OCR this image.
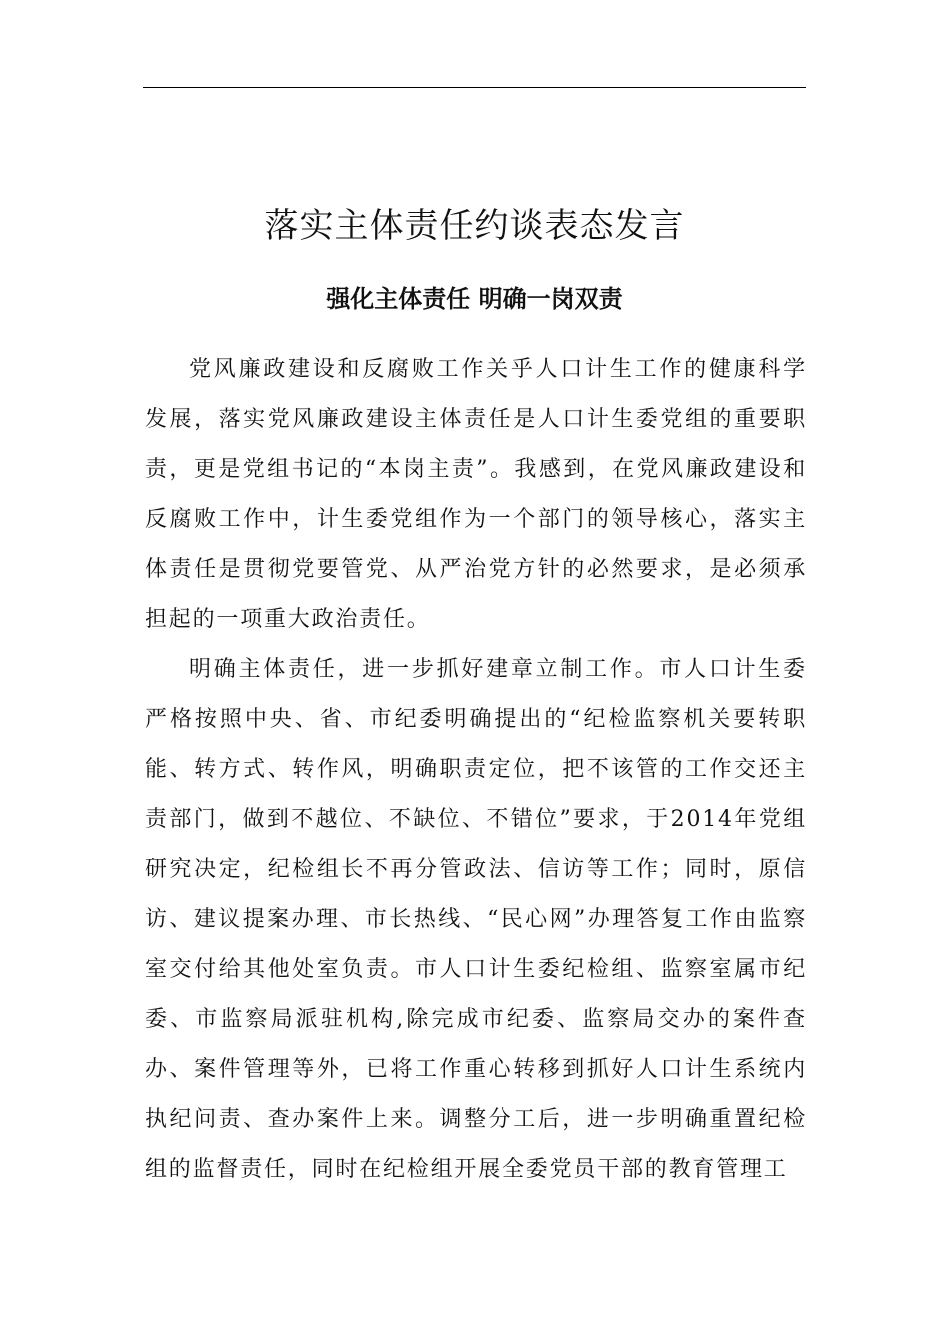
落实主体责任约谈表态发言
强化主体责任 明确一岗双责

党风廉政建设和反腐败工作关乎人口计生工作的健康科学发展，落实党风廉政建设主体责任是人口计生委党组的重要职责，更是党组书记的“本岗主责”。我感到，在党风廉政建设和反腐败工作中，计生委党组作为一个部门的领导核心，落实主体责任是贯彻党要管党、从严治党方针的必然要求，是必须承担起的一项重大政治责任。

明确主体责任，进一步抓好建章立制工作。市人口计生委严格按照中央、省、市纪委明确提出的“纪检监察机关要转职能、转方式、转作风，明确职责定位，把不该管的工作交还主责部门，做到不越位、不缺位、不错位”要求，于2014年党组研究决定，纪检组长不再分管政法、信访等工作；同时，原信访、建议提案办理、市长热线、“民心网”办理答复工作由监察室交付给其他处室负责。市人口计生委纪检组、监察室属市纪委、市监察局派驻机构,除完成市纪委、监察局交办的案件查办、案件管理等外，已将工作重心转移到抓好人口计生系统内执纪问责、查办案件上来。调整分工后，进一步明确重置纪检组的监督责任，同时在纪检组开展全委党员干部的教育管理工
